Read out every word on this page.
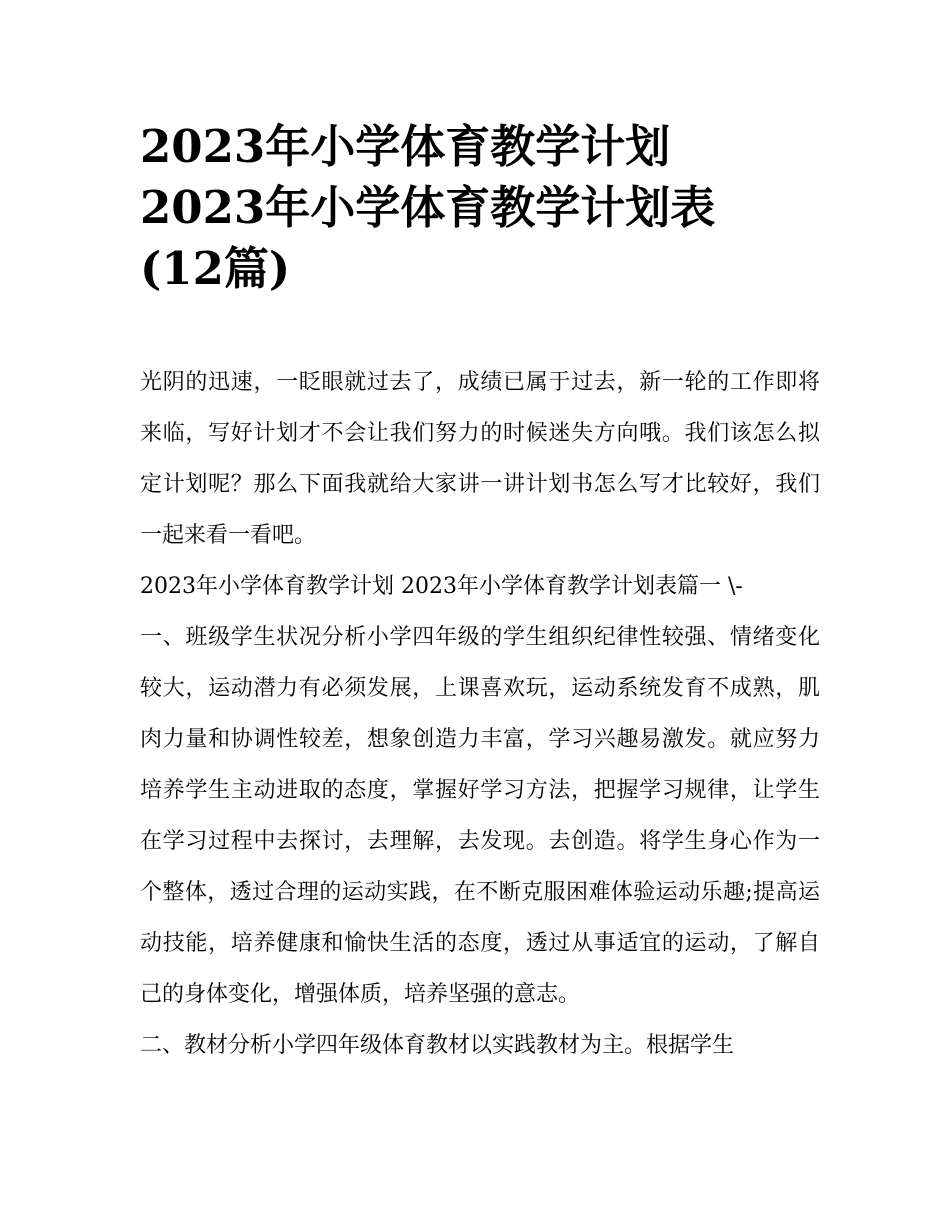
2023年小学体育教学计划
2023年小学体育教学计划表
(12篇)

光阴的迅速，一眨眼就过去了，成绩已属于过去，新一轮的工作即将来临，写好计划才不会让我们努力的时候迷失方向哦。我们该怎么拟定计划呢？那么下面我就给大家讲一讲计划书怎么写才比较好，我们一起来看一看吧。

2023年小学体育教学计划 2023年小学体育教学计划表篇一 \-

一、班级学生状况分析小学四年级的学生组织纪律性较强、情绪变化较大，运动潜力有必须发展，上课喜欢玩，运动系统发育不成熟，肌肉力量和协调性较差，想象创造力丰富，学习兴趣易激发。就应努力培养学生主动进取的态度，掌握好学习方法，把握学习规律，让学生在学习过程中去探讨，去理解，去发现。去创造。将学生身心作为一个整体，透过合理的运动实践，在不断克服困难体验运动乐趣;提高运动技能，培养健康和愉快生活的态度，透过从事适宜的运动，了解自己的身体变化，增强体质，培养坚强的意志。

二、教材分析小学四年级体育教材以实践教材为主。根据学生
